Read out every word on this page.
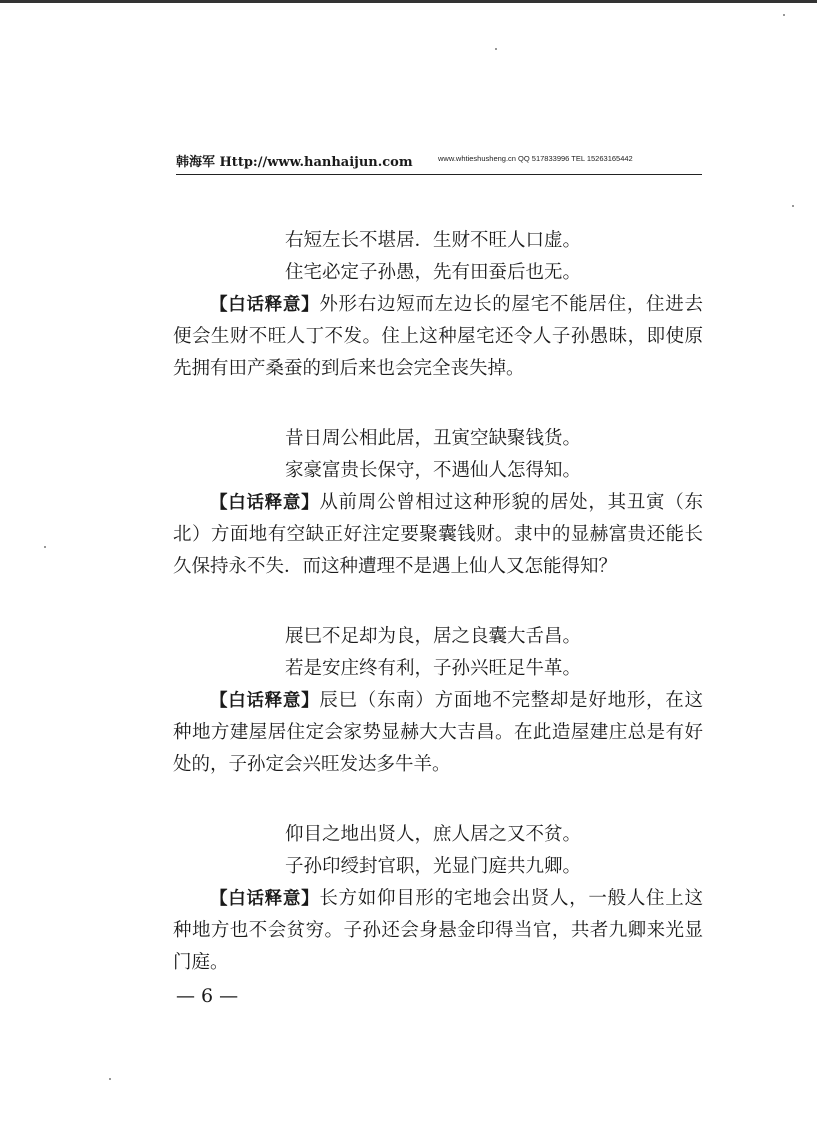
韩海军 Http://www.hanhaijun.com	www.whtieshusheng.cn QQ 517833996 TEL 15263165442

右短左长不堪居．生财不旺人口虚。

住宅必定子孙愚，先有田蚕后也无。

【白话释意】外形右边短而左边长的屋宅不能居住，住进去便会生财不旺人丁不发。住上这种屋宅还令人子孙愚昧，即使原先拥有田产桑蚕的到后来也会完全丧失掉。

昔日周公相此居，丑寅空缺聚钱货。

家豪富贵长保守，不遇仙人怎得知。

【白话释意】从前周公曾相过这种形貌的居处，其丑寅（东北）方面地有空缺正好注定要聚囊钱财。隶中的显赫富贵还能长久保持永不失．而这种遭理不是遇上仙人又怎能得知？

展巳不足却为良，居之良囊大舌昌。

若是安庄终有利，子孙兴旺足牛革。

【白话释意】辰巳（东南）方面地不完整却是好地形，在这种地方建屋居住定会家势显赫大大吉昌。在此造屋建庄总是有好处的，子孙定会兴旺发达多牛羊。

仰目之地出贤人，庶人居之又不贫。

子孙印绶封官职，光显门庭共九卿。

【白话释意】长方如仰目形的宅地会出贤人，一般人住上这种地方也不会贫穷。子孙还会身悬金印得当官，共者九卿来光显门庭。

— 6 —
